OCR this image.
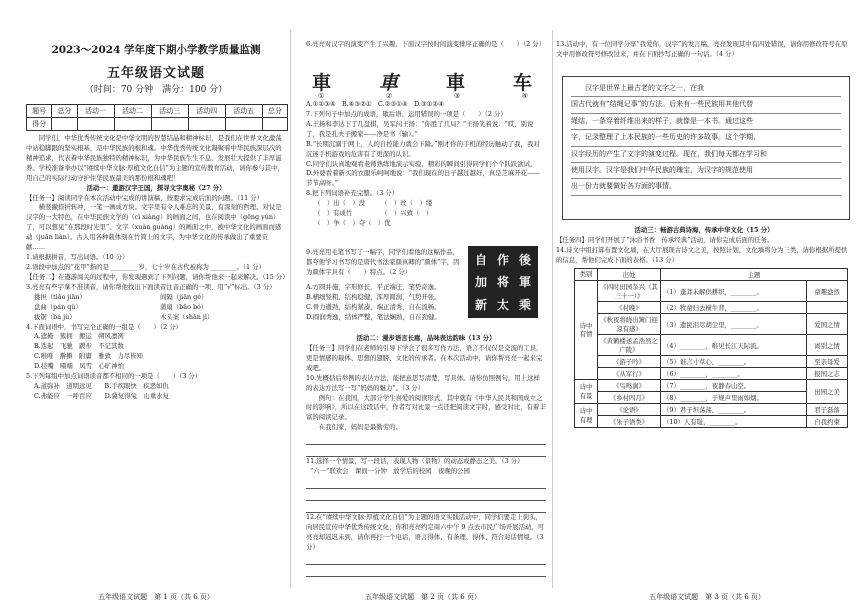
2023～2024 学年度下期小学教学质量监测
五年级语文试题
（时间：70 分钟　满分：100 分）
题号	总分	活动一	活动二	活动三	活动四	活动五	总分
得分							

同学们，中华优秀传统文化是中华文明的智慧结晶和精神标识，是我们在世界文化激荡中站稳脚跟的坚实根基，是中华民族的根和魂。中华优秀传统文化凝聚着中华民族深层次的精神追求，代表着中华民族独特的精神标识，为中华民族生生不息、发展壮大提供了丰厚滋养。学校准备举办以“赓续中华文脉·厚植文化自信”为主题的宣传教育活动，请你参与其中，用自己的实际行动守护住华民族最美的那份根和魂吧！

活动一：遨游汉字王国，探寻文字奥秘（27 分）

【任务一】阅读同学在本次活动中完成的讲演稿，按要求完成后面的问题。（11 分）

横竖撇捺折转冲，一笔一画成方块。文字里有令人难忘的美景，有深刻的哲理。对仗是汉字的一大特色，在中华民族文学的（cì xiàng）的画面之间，也在阅读中（gēng yún）了，可以想见“在那段时光里”。文字（xuàn guàng）的画面之中，被中华文化的画面而感动（juān liàn）。古人用各种载体刻在竹简上的文字，为中华文化的传承做出了重要贡献……

1.请根据拼音，写出词语。（10 分）

2.语段中加点的“花甲”指的是 ________ 岁，七十岁在古代被称为 ________。（1 分）

【任务二】在遨游闯关的过程中，你发现遇到了下列问题，请你帮他来一起来解决。（15 分）

3.亮亮有些字拿不准读音，请你帮他找出下面读音注音正确的一项，用“√”标出。（3 分）

挑担（tiǎo jiān）	间隔（jiān gé）
盘曲（pán qǔ）	蒲扇（bǎo bó）
拔锯（bá jù）	木头案（shàn jì）

4.下面词语中，书写完全正确的一组是（　　）（2 分）

A.遮掩　簇拥　搬运　朔风凛冽

B.迭起　飞驰　踱步　不记其数

C.唯唯　擀擀　附庸　雅致　力尽皆知

D.挂嘴　嗫嚅　风雪　心旷神怡

5.下列每组中加点词语读音都不相同的一项是（　　）（3 分）

A.道弥补　道明远见　　B.手疾眼快　疾恶如仇

C.弗能应　一呼百应　　D.冀复得兔　山重水复

五年级语文试题　第 1 页（共 6 页）
6.亮亮对汉字的演变产生了兴趣，下面汉字按时间演变排序正确的是（　　）（2 分）
車	車	車	车
①	②	③	④

A.①②③④　B.④③②①　C.②③①④　D.③①②④

7.下列句子中加点的成语，歇后语、运用错误的一项是（　　）（2 分）

A.王扬和李达下了几盘棋，吴军问王扬：“你胜了几局？”王扬笑着说：“哎，别说了，我是孔夫子搬家——净是书（输）。”

B.“长期沉溺于网上，人的自控能力就会下降。”刚才你的手机的经历触动了我，我对沉迷手机游戏的危害有了更深的认识。

C.同学们认真地观看老师熟练地演示实验，精彩的瞬间引得同学们个个跃跃欲试。

D.外婆看着新买的衣服乐呵呵地说：“我们现在的日子越过越好，真是芝麻开花——节节高呀。”

8.把下列词语补充完整。（3 分）

（　）出（　）没　　　（　）丝（　）缕

（　）有成竹　　　　　（　）兴致（　）

（　）争（　）夺（　）优

9.亮亮用毛笔书写了一幅字，同学们看他的这幅作品，都夸他学习书写的是唐代书法家颜真卿的“颜体”字，因为颜体字具有（　　）特点。（2 分）

自 作 後
加 将 軍
新 太 乘

A.方圆并施，字形修长，平正端庄，笔势奇逸。

B.横细竖粗，结构稳健，浑厚圆润，气势开张。

C.骨力遒劲，结构紧凑，端正清秀，自在流畅。

D.圆润秀逸，结体严整，笔法娴熟，自在劲健。

活动二：漫步语言长廊，品味表达韵味（13 分）

【任务三】同学们在老师的引导下学会了很多写作方法，语言不仅仅是交流的工具，更是情感的载体、思想的翅膀、文化的传承者。在本次活动中，请你帮亮亮一起来完成吧。

10.先概括后举例的表达方法，能把意思写清楚，写具体。请你仿照例句，用上这样的表达方法写一写“妈妈的魅力”。（3 分）

例句：在我国，大部分学生喜爱的阅读形式，其中就有《中华人民共和国成立之时的影响》，所以在这段话中，作者写对比景一点还把阅读文字时，感受对比，有着丰富的阅读记录。

在我们家，妈妈是最勤劳的。

11.选择一个情景，写一段话，表现人物（景物）的动态或静态之美。（3 分）

“六一”联欢会　课间一分钟　放学后的校园　夜晚的公园

12.在“赓续中华文脉·厚植文化自信”为主题的语文实践活动中，同学们要走上街头，向居民宣传中华优秀传统文化，你和亮亮约定周六中午 9 点去市民广场开展活动，可亮亮却迟迟未到，请你再打一个电话，语言得体、有条理、得体、符合对话情境。（3 分）

五年级语文试题　第 2 页（共 6 页）
13.活动中，有一位同学分享“我爱你，汉字”的发言稿，亮亮发现其中有四处错误，请你用修改符号在原文中用修改符号修改过来，并在下面抄写正确的一句话。（4 分）

汉字是世界上最古老的文字之一，在我

国古代就有“结绳记事”的方法。后来有一些民族用其他代替

绳结，一条穿着纤维出来的样子，就像是一本书。通过这些

字，记录整理了上本民族的一些历史的许多故事。这个学期，

汉字经历的产生了文字的演变过程。现在，我们每天都在学习和

使用汉字。汉字是我们中华民族的瑰宝，为汉字的规范使用

出一份力就要做好各方面的事情。

活动三：畅游古典诗海，传承中华文化（15 分）

【任务四】同学们开展了“沐浴书香　传承经典”活动，请你完成后面的任务。

14.诗文中组打算布置文化墙，在大厅展现古诗文之美，按照计划，文化墙将分为三类，请你根据所提供的信息，帮他们完成下面的表格。（13 分）

类别	出处	主题	
诗中有情	《四时田园杂兴（其三十一）》	（1）蓬莽未解供耕织，________。	童趣盎然
	《村晚》	（2）牧童归去横牛背，________。	
	《秋夜将晓出篱门迎凉有感》	（3）遗民泪尽胡尘里，________。	爱国之情
	《黄鹤楼送孟浩然之广陵》	（4）________，唯见长江天际流。	离别之情
	《游子吟》	（5）谁言寸草心，________。	至亲母爱
	《从军行》	（6）________，________。	报国之志
诗中有景	《鸟鸣涧》	（7）________，夜静春山空。	田园之美
	《乡村四月》	（8）________，子规声里雨如烟。	
诗中有理	《论语》	（9）君子坦荡荡，________。	君子磊落
	《朱子语类》	（10）人有耻，________。	自我约束
五年级语文试题　第 3 页（共 6 页）
